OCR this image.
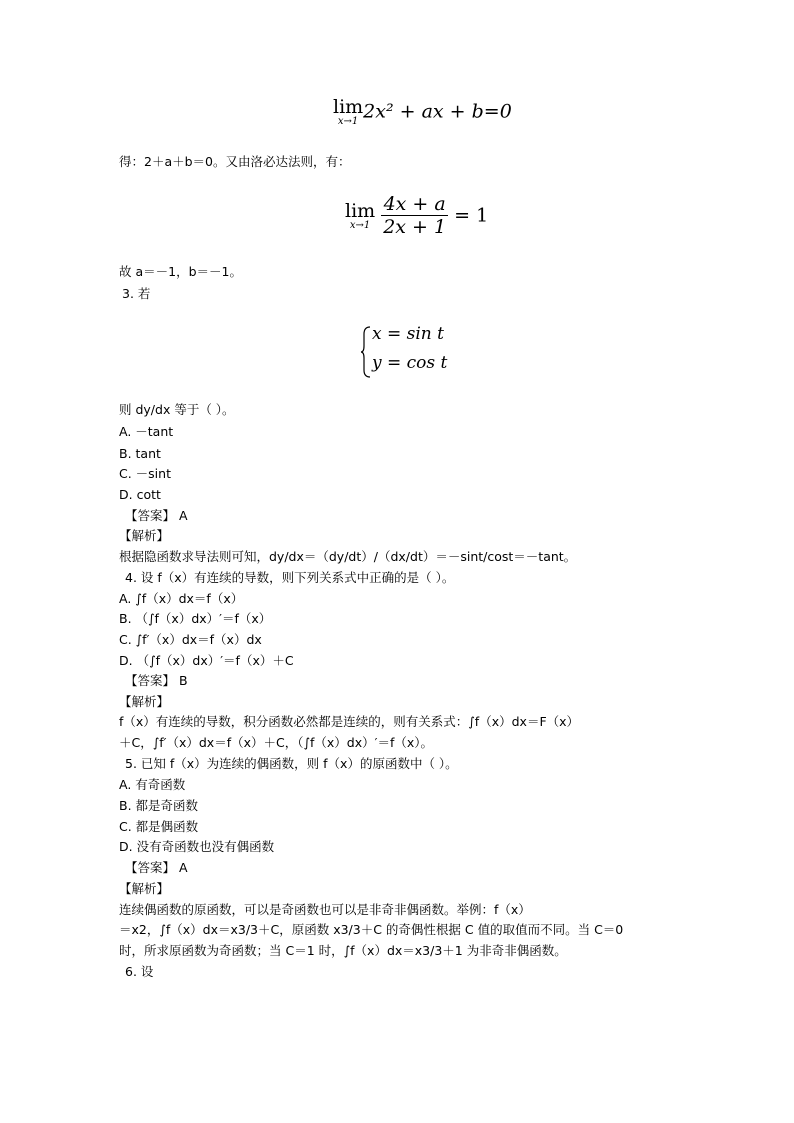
lim
x→1 2x² + ax + b=0
得：2＋a＋b＝0。又由洛必达法则，有：
lim
x→1
$\frac{4x + a}{2x + 1} = 1$
故 a＝－1，b＝－1。
3. 若
x = sin t
y = cos t
则 dy/dx 等于（ ）。
A. －tant
B. tant
C. －sint
D. cott
【答案】 A
【解析】
根据隐函数求导法则可知，dy/dx＝（dy/dt）/（dx/dt）＝－sint/cost＝－tant。
4. 设 f（x）有连续的导数，则下列关系式中正确的是（ ）。
A. ∫f（x）dx＝f（x）
B. （∫f（x）dx）′＝f（x）
C. ∫f′（x）dx＝f（x）dx
D. （∫f（x）dx）′＝f（x）＋C
【答案】 B
【解析】
f（x）有连续的导数，积分函数必然都是连续的，则有关系式：∫f（x）dx＝F（x）
＋C，∫f′（x）dx＝f（x）＋C，（∫f（x）dx）′＝f（x）。
5. 已知 f（x）为连续的偶函数，则 f（x）的原函数中（ ）。
A. 有奇函数
B. 都是奇函数
C. 都是偶函数
D. 没有奇函数也没有偶函数
【答案】 A
【解析】
连续偶函数的原函数，可以是奇函数也可以是非奇非偶函数。举例：f（x）
＝x2，∫f（x）dx＝x3/3＋C，原函数 x3/3＋C 的奇偶性根据 C 值的取值而不同。当 C＝0
时，所求原函数为奇函数；当 C＝1 时，∫f（x）dx＝x3/3＋1 为非奇非偶函数。
6. 设
